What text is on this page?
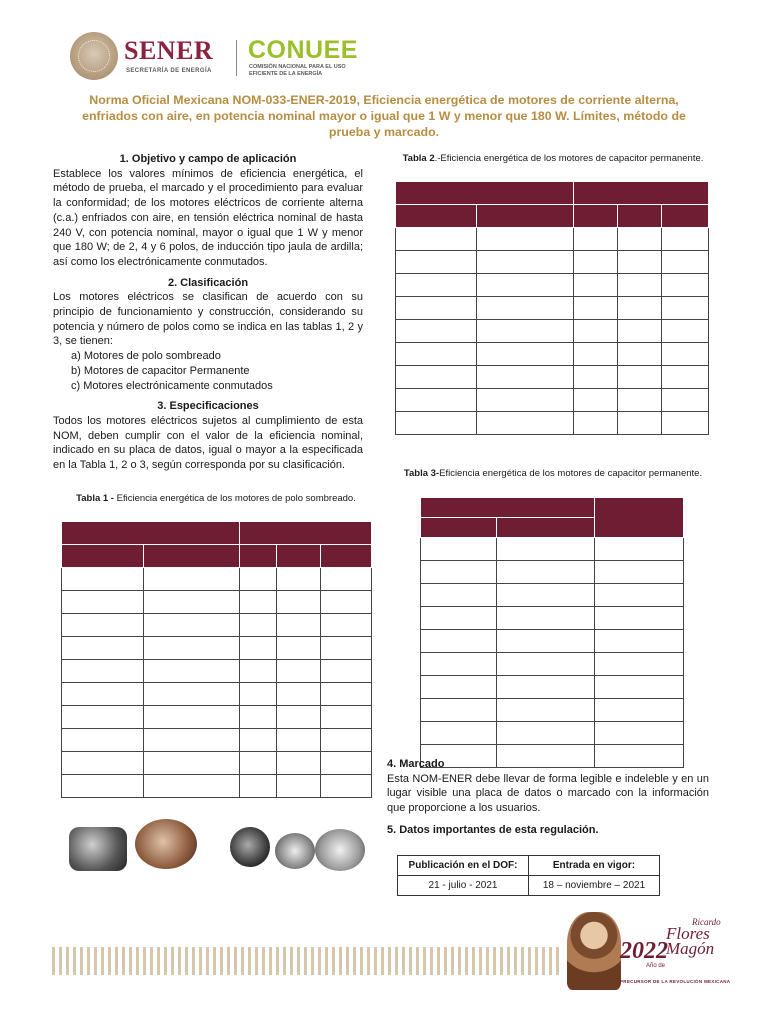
SENER
SECRETARÍA DE ENERGÍA
CONUEE
COMISIÓN NACIONAL PARA EL USO EFICIENTE DE LA ENERGÍA
Norma Oficial Mexicana NOM-033-ENER-2019, Eficiencia energética de motores de corriente alterna, enfriados con aire, en potencia nominal mayor o igual que 1 W y menor que 180 W. Límites, método de prueba y marcado.
1. Objetivo y campo de aplicación
Establece los valores mínimos de eficiencia energética, el método de prueba, el marcado y el procedimiento para evaluar la conformidad; de los motores eléctricos de corriente alterna (c.a.) enfriados con aire, en tensión eléctrica nominal de hasta 240 V, con potencia nominal, mayor o igual que 1 W y menor que 180 W; de 2, 4 y 6 polos, de inducción tipo jaula de ardilla; así como los electrónicamente conmutados.
2. Clasificación
Los motores eléctricos se clasifican de acuerdo con su principio de funcionamiento y construcción, considerando su potencia y número de polos como se indica en las tablas 1, 2 y 3, se tienen:
a) Motores de polo sombreado
b) Motores de capacitor Permanente
c) Motores electrónicamente conmutados
3. Especificaciones
Todos los motores eléctricos sujetos al cumplimiento de esta NOM, deben cumplir con el valor de la eficiencia nominal, indicado en su placa de datos, igual o mayor a la especificada en la Tabla 1, 2 o 3, según corresponda por su clasificación.
Tabla 1 - Eficiencia energética de los motores de polo sombreado.

Tabla 2.-Eficiencia energética de los motores de capacitor permanente.

Tabla 3-Eficiencia energética de los motores de capacitor permanente.

4. Marcado
Esta NOM-ENER debe llevar de forma legible e indeleble y en un lugar visible una placa de datos o marcado con la información que proporcione a los usuarios.
5. Datos importantes de esta regulación.
Publicación en el DOF:	Entrada en vigor:
21 - julio - 2021	18 – noviembre – 2021
Ricardo
2022
Flores
Magón
Año de
PRECURSOR DE LA REVOLUCIÓN MEXICANA
